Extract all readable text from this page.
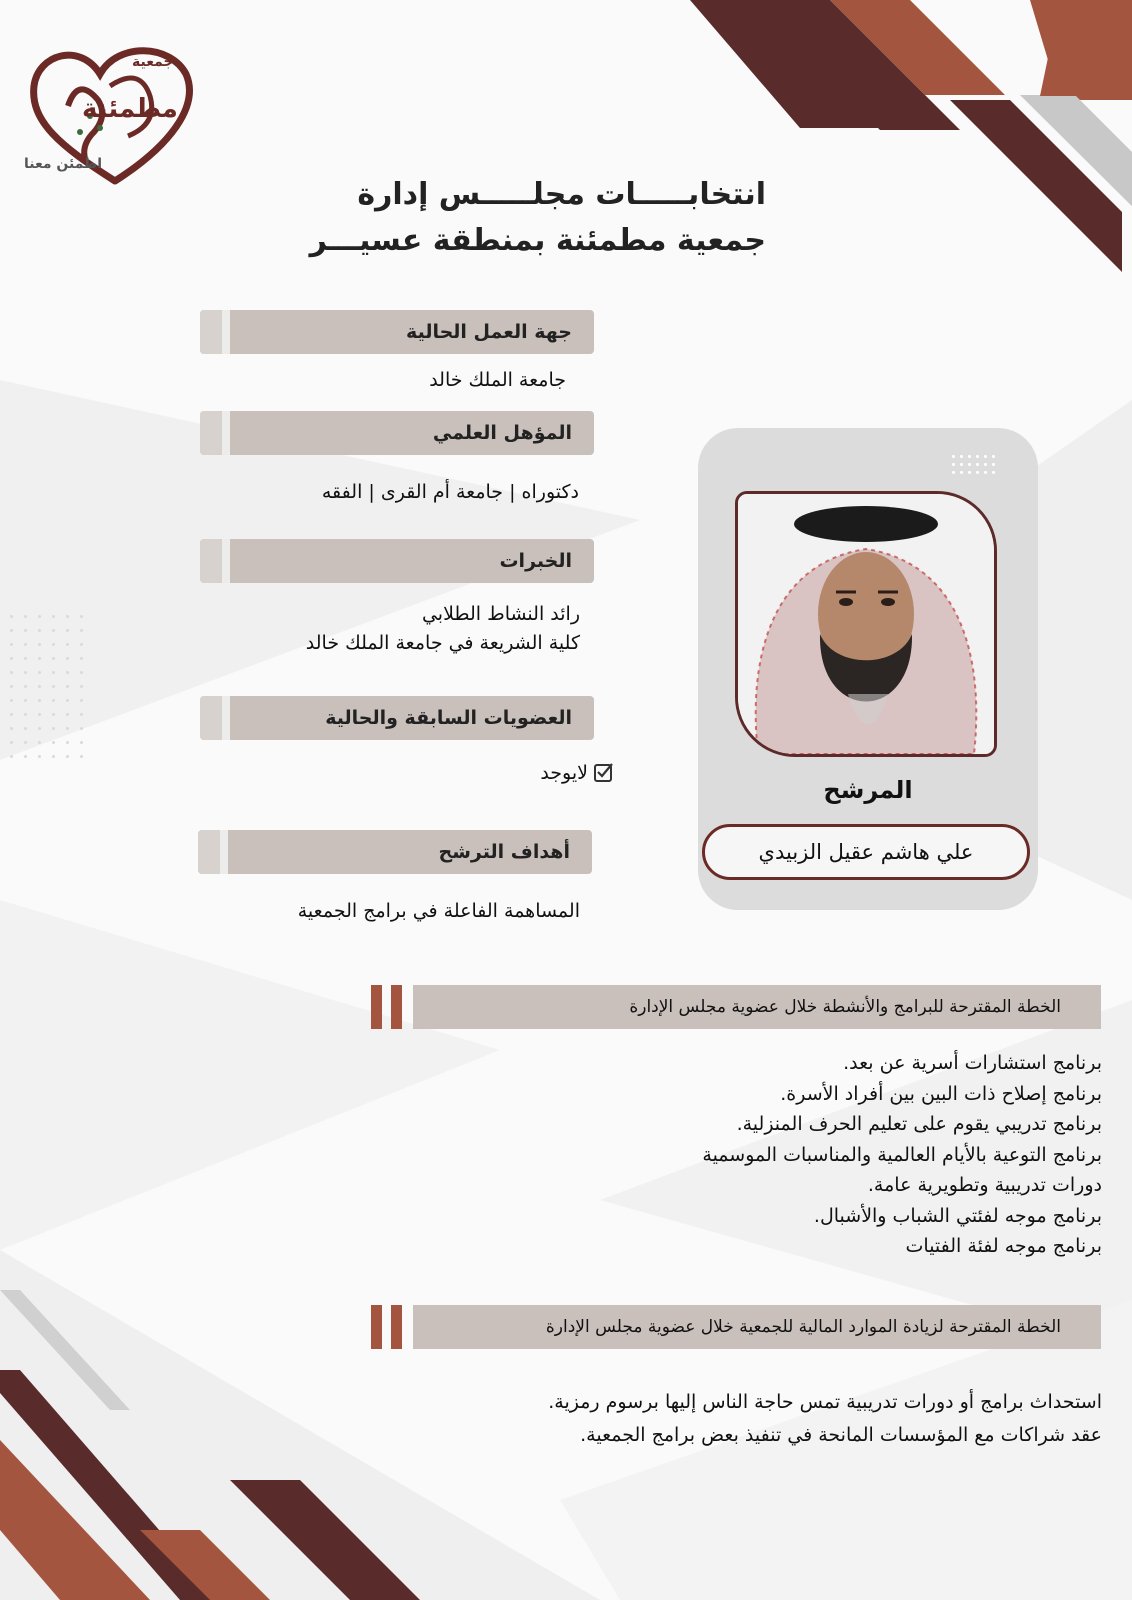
جمعية
مطمئنة
اطمئن معنا
انتخابـــــات مجلـــــس إدارة
جمعية مطمئنة بمنطقة عسيـــر
جهة العمل الحالية
جامعة الملك خالد
المؤهل العلمي
دكتوراه | جامعة أم القرى | الفقه
الخبرات
رائد النشاط الطلابي
كلية الشريعة في جامعة الملك خالد
العضويات السابقة والحالية
لايوجد
أهداف الترشح
المساهمة الفاعلة في برامج الجمعية
المرشح
علي هاشم عقيل الزبيدي
الخطة المقترحة للبرامج والأنشطة خلال عضوية مجلس الإدارة
برنامج استشارات أسرية عن بعد.
برنامج إصلاح ذات البين بين أفراد الأسرة.
برنامج تدريبي يقوم على تعليم الحرف المنزلية.
برنامج التوعية بالأيام العالمية والمناسبات الموسمية
دورات تدريبية وتطويرية عامة.
برنامج موجه لفئتي الشباب والأشبال.
برنامج موجه لفئة الفتيات
الخطة المقترحة لزيادة الموارد المالية للجمعية خلال عضوية مجلس الإدارة
استحداث برامج أو دورات تدريبية تمس حاجة الناس إليها برسوم رمزية.
عقد شراكات مع المؤسسات المانحة في تنفيذ بعض برامج الجمعية.
